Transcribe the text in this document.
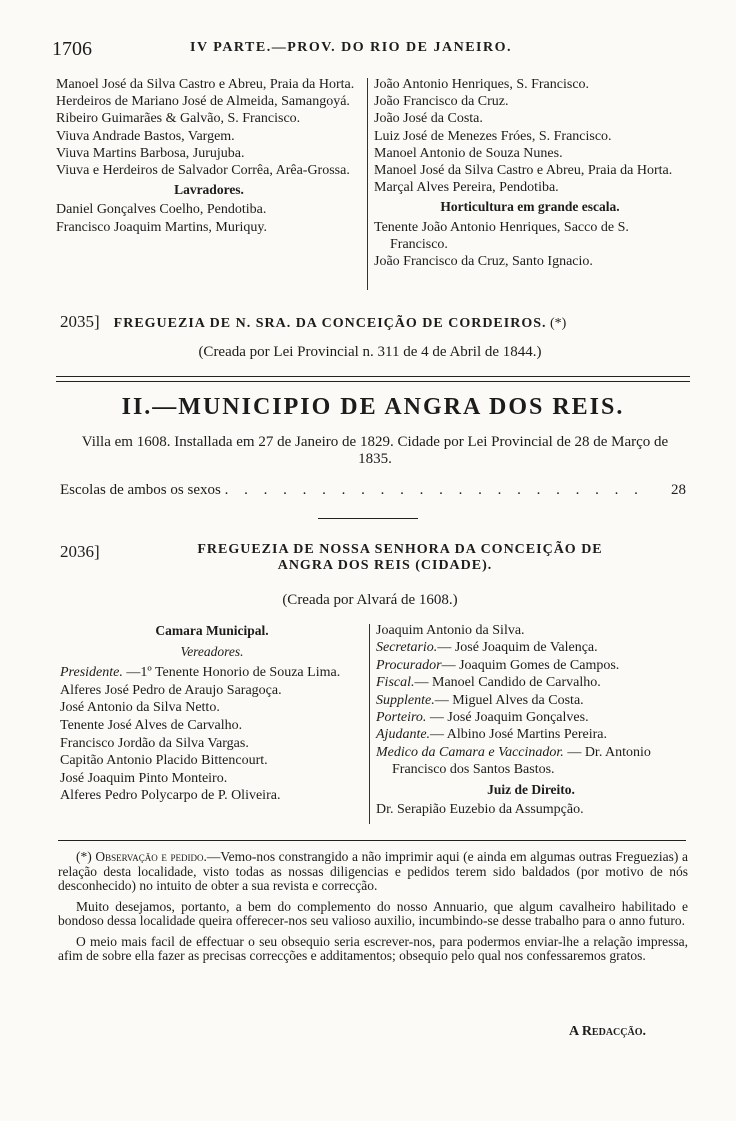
1706	IV PARTE.—PROV. DO RIO DE JANEIRO.

Manoel José da Silva Castro e Abreu, Praia da Horta.

Herdeiros de Mariano José de Almeida, Samangoyá.

Ribeiro Guimarães & Galvão, S. Francisco.

Viuva Andrade Bastos, Vargem.

Viuva Martins Barbosa, Jurujuba.

Viuva e Herdeiros de Salvador Corrêa, Arêa-Grossa.

Lavradores.

Daniel Gonçalves Coelho, Pendotiba.

Francisco Joaquim Martins, Muriquy.

João Antonio Henriques, S. Francisco.

João Francisco da Cruz.

João José da Costa.

Luiz José de Menezes Fróes, S. Francisco.

Manoel Antonio de Souza Nunes.

Manoel José da Silva Castro e Abreu, Praia da Horta.

Marçal Alves Pereira, Pendotiba.

Horticultura em grande escala.

Tenente João Antonio Henriques, Sacco de S. Francisco.

João Francisco da Cruz, Santo Ignacio.

2035] FREGUEZIA DE N. SRA. DA CONCEIÇÃO DE CORDEIROS. (*)
(Creada por Lei Provincial n. 311 de 4 de Abril de 1844.)
II.—MUNICIPIO DE ANGRA DOS REIS.
Villa em 1608. Installada em 27 de Janeiro de 1829. Cidade por Lei Provincial de 28 de Março de 1835.
Escolas de ambos os sexos . . . . . . . . . . . . . . . . . . . . . . 28
2036]	FREGUEZIA DE NOSSA SENHORA DA CONCEIÇÃO DE
ANGRA DOS REIS (CIDADE).
(Creada por Alvará de 1608.)

Camara Municipal.

Vereadores.

Presidente. —1º Tenente Honorio de Souza Lima.

Alferes José Pedro de Araujo Saragoça.

José Antonio da Silva Netto.

Tenente José Alves de Carvalho.

Francisco Jordão da Silva Vargas.

Capitão Antonio Placido Bittencourt.

José Joaquim Pinto Monteiro.

Alferes Pedro Polycarpo de P. Oliveira.

Joaquim Antonio da Silva.

Secretario.— José Joaquim de Valença.

Procurador— Joaquim Gomes de Campos.

Fiscal.— Manoel Candido de Carvalho.

Supplente.— Miguel Alves da Costa.

Porteiro. — José Joaquim Gonçalves.

Ajudante.— Albino José Martins Pereira.

Medico da Camara e Vaccinador. — Dr. Antonio Francisco dos Santos Bastos.

Juiz de Direito.

Dr. Serapião Euzebio da Assumpção.

(*) Observação e pedido.—Vemo-nos constrangido a não imprimir aqui (e ainda em algumas outras Freguezias) a relação desta localidade, visto todas as nossas diligencias e pedidos terem sido baldados (por motivo de nós desconhecido) no intuito de obter a sua revista e correcção.

Muito desejamos, portanto, a bem do complemento do nosso Annuario, que algum cavalheiro habilitado e bondoso dessa localidade queira offerecer-nos seu valioso auxilio, incumbindo-se desse trabalho para o anno futuro.

O meio mais facil de effectuar o seu obsequio seria escrever-nos, para podermos enviar-lhe a relação impressa, afim de sobre ella fazer as precisas correcções e additamentos; obsequio pelo qual nos confessaremos gratos.

A Redacção.
